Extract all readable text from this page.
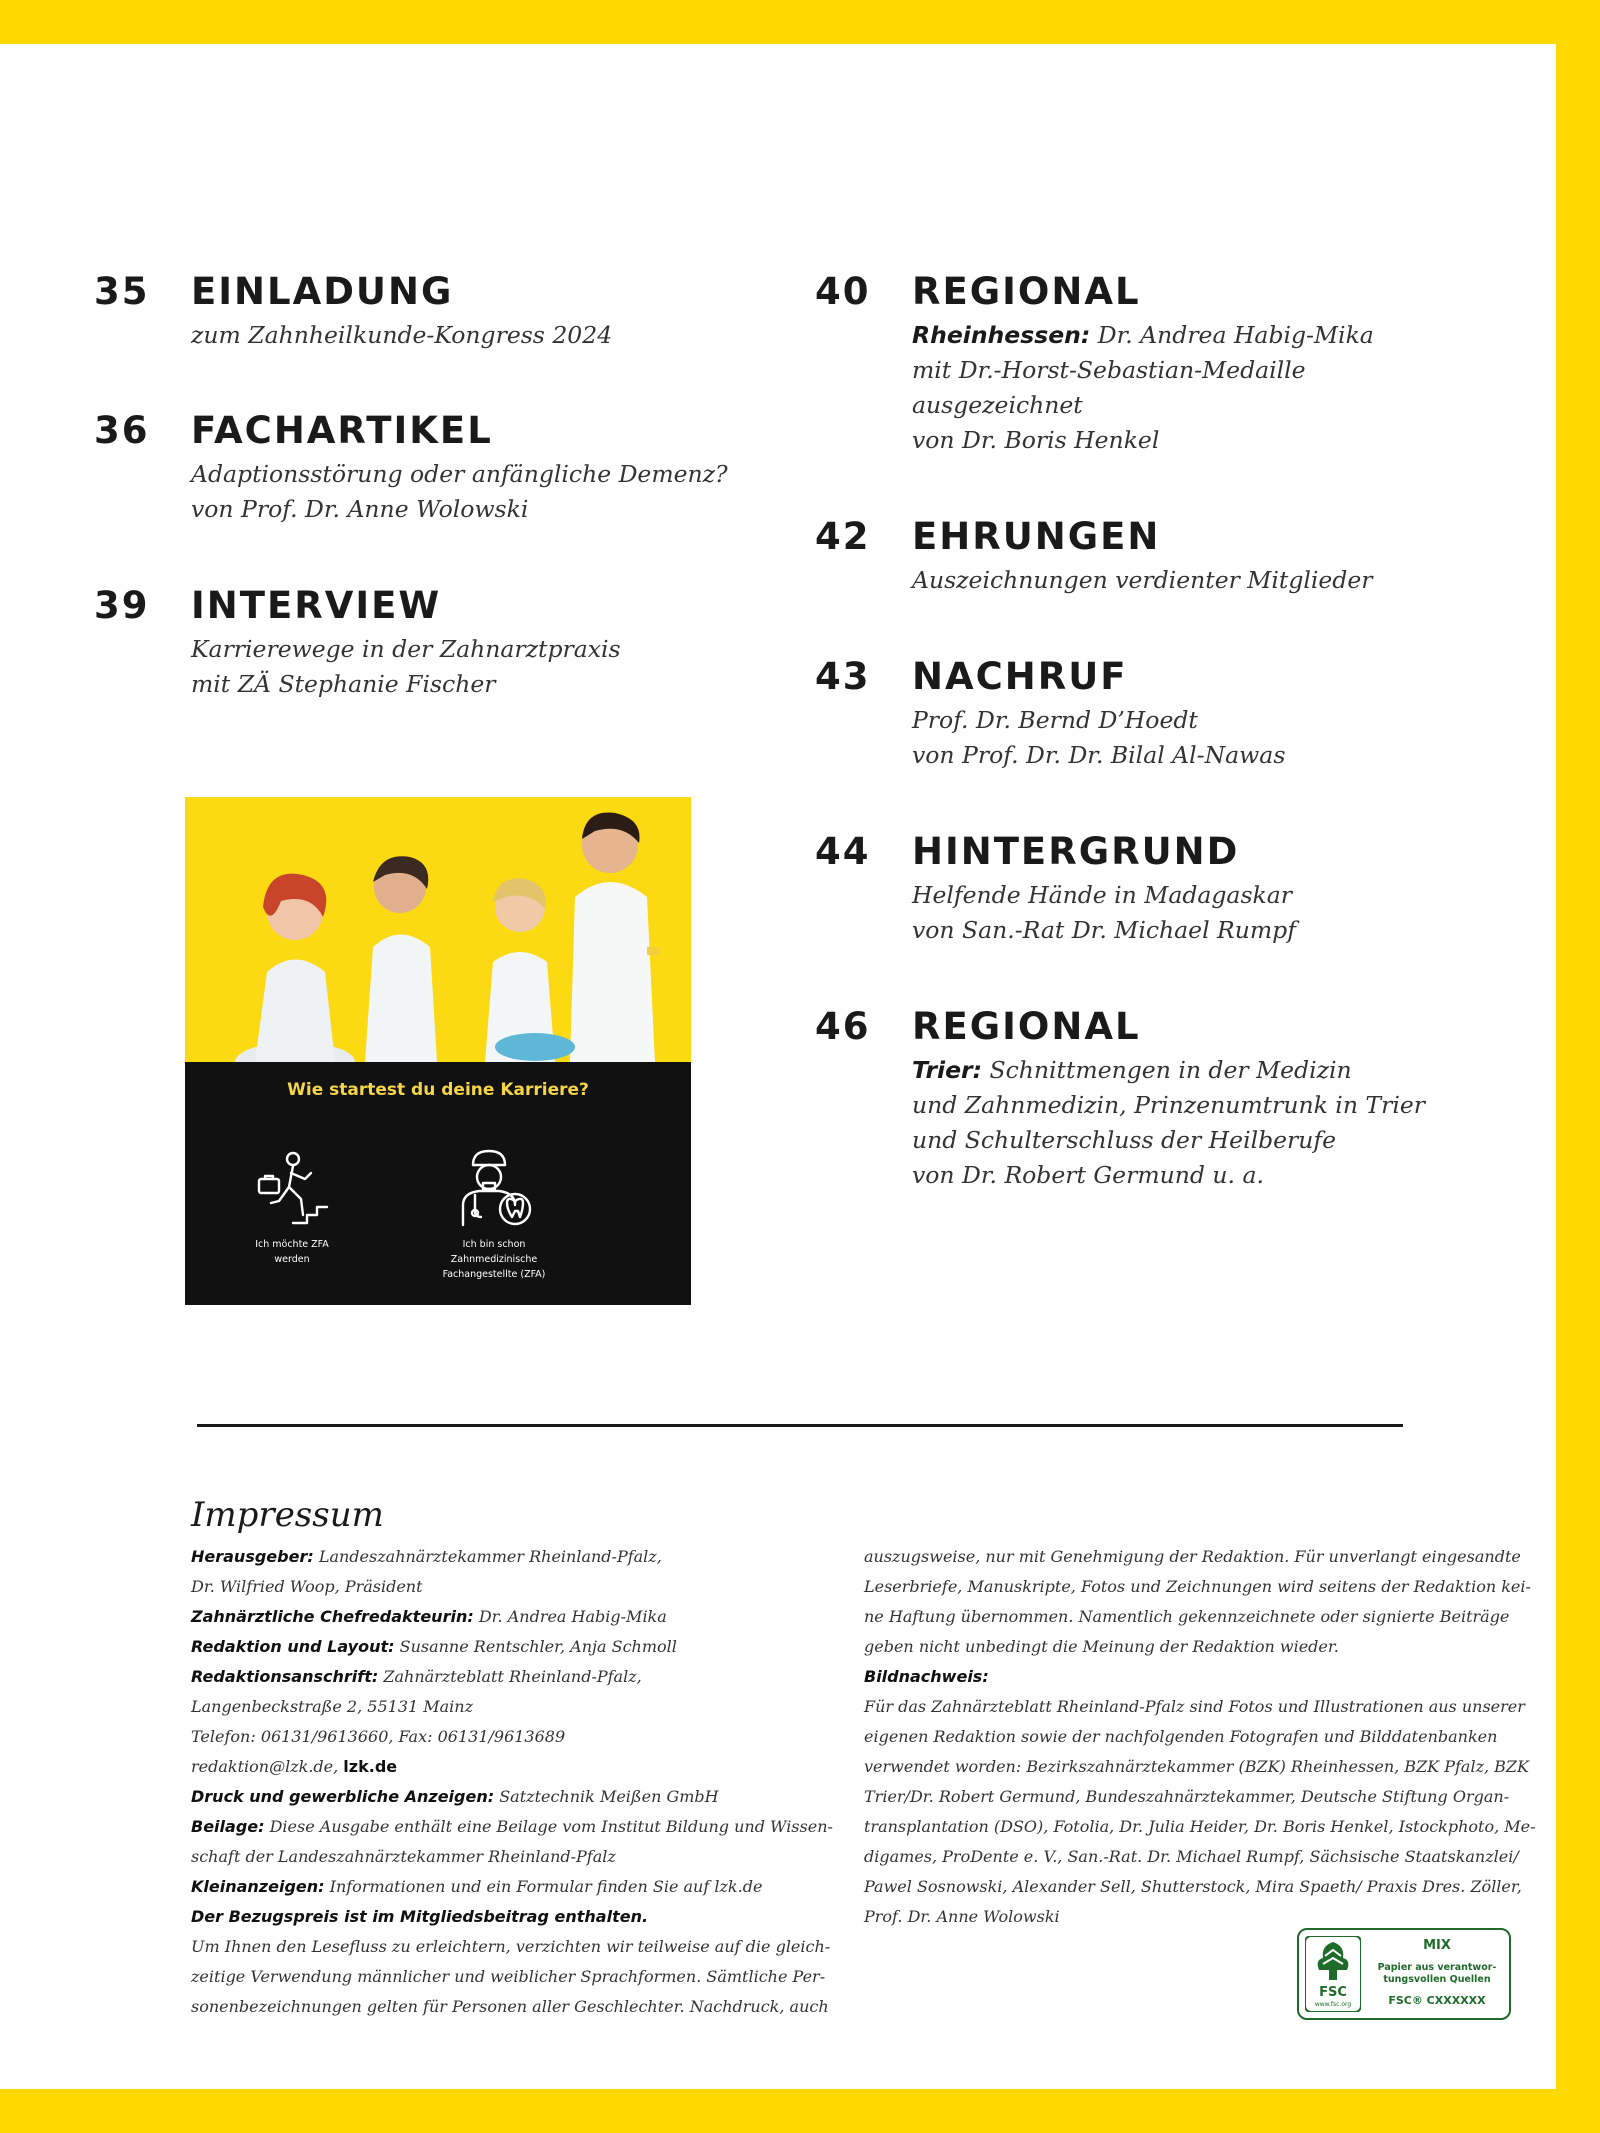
35 EINLADUNG
zum Zahnheilkunde-Kongress 2024
36 FACHARTIKEL
Adaptionsstörung oder anfängliche Demenz?
von Prof. Dr. Anne Wolowski
39 INTERVIEW
Karrierewege in der Zahnarztpraxis
mit ZÄ Stephanie Fischer
40 REGIONAL
Rheinhessen: Dr. Andrea Habig-Mika
mit Dr.-Horst-Sebastian-Medaille
ausgezeichnet
von Dr. Boris Henkel
42 EHRUNGEN
Auszeichnungen verdienter Mitglieder
43 NACHRUF
Prof. Dr. Bernd D’Hoedt
von Prof. Dr. Dr. Bilal Al-Nawas
44 HINTERGRUND
Helfende Hände in Madagaskar
von San.-Rat Dr. Michael Rumpf
46 REGIONAL
Trier: Schnittmengen in der Medizin
und Zahnmedizin, Prinzenumtrunk in Trier
und Schulterschluss der Heilberufe
von Dr. Robert Germund u. a.
Wie startest du deine Karriere?
Ich möchte ZFA
werden
Ich bin schon
Zahnmedizinische
Fachangestellte (ZFA)
Impressum
Herausgeber: Landeszahnärztekammer Rheinland-Pfalz,
Dr. Wilfried Woop, Präsident
Zahnärztliche Chefredakteurin: Dr. Andrea Habig-Mika
Redaktion und Layout: Susanne Rentschler, Anja Schmoll
Redaktionsanschrift: Zahnärzteblatt Rheinland-Pfalz,
Langenbeckstraße 2, 55131 Mainz
Telefon: 06131/9613660, Fax: 06131/9613689
redaktion@lzk.de, lzk.de
Druck und gewerbliche Anzeigen: Satztechnik Meißen GmbH
Beilage: Diese Ausgabe enthält eine Beilage vom Institut Bildung und Wissen-
schaft der Landeszahnärztekammer Rheinland-Pfalz
Kleinanzeigen: Informationen und ein Formular finden Sie auf lzk.de
Der Bezugspreis ist im Mitgliedsbeitrag enthalten.
Um Ihnen den Lesefluss zu erleichtern, verzichten wir teilweise auf die gleich-
zeitige Verwendung männlicher und weiblicher Sprachformen. Sämtliche Per-
sonenbezeichnungen gelten für Personen aller Geschlechter. Nachdruck, auch
auszugsweise, nur mit Genehmigung der Redaktion. Für unverlangt eingesandte
Leserbriefe, Manuskripte, Fotos und Zeichnungen wird seitens der Redaktion kei-
ne Haftung übernommen. Namentlich gekennzeichnete oder signierte Beiträge
geben nicht unbedingt die Meinung der Redaktion wieder.
Bildnachweis:
Für das Zahnärzteblatt Rheinland-Pfalz sind Fotos und Illustrationen aus unserer
eigenen Redaktion sowie der nachfolgenden Fotografen und Bilddatenbanken
verwendet worden: Bezirkszahnärztekammer (BZK) Rheinhessen, BZK Pfalz, BZK
Trier/Dr. Robert Germund, Bundeszahnärztekammer, Deutsche Stiftung Organ-
transplantation (DSO), Fotolia, Dr. Julia Heider, Dr. Boris Henkel, Istockphoto, Me-
digames, ProDente e. V., San.-Rat. Dr. Michael Rumpf, Sächsische Staatskanzlei/
Pawel Sosnowski, Alexander Sell, Shutterstock, Mira Spaeth/ Praxis Dres. Zöller,
Prof. Dr. Anne Wolowski
FSC
www.fsc.org
MIX
Papier aus verantwor-
tungsvollen Quellen
FSC® CXXXXXX
